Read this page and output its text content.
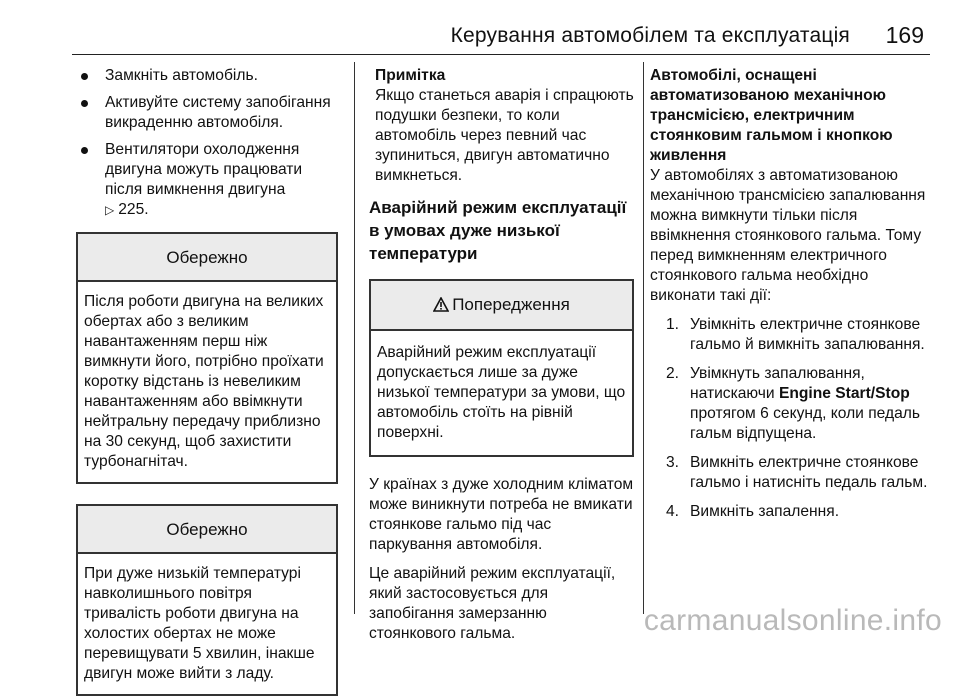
Керування автомобілем та експлуатація 169
Замкніть автомобіль.
Активуйте систему запобігання викраденню автомобіля.
Вентилятори охолодження двигуна можуть працювати після вимкнення двигуна
▷ 225.
Обережно
Після роботи двигуна на великих обертах або з великим навантаженням перш ніж вимкнути його, потрібно проїхати коротку відстань із невеликим навантаженням або ввімкнути нейтральну передачу приблизно на 30 секунд, щоб захистити турбонагнітач.
Обережно
При дуже низькій температурі навколишнього повітря тривалість роботи двигуна на холостих обертах не може перевищувати 5 хвилин, інакше двигун може вийти з ладу.
Примітка
Якщо станеться аварія і спрацюють подушки безпеки, то коли автомобіль через певний час зупиниться, двигун автоматично вимкнеться.
Аварійний режим експлуатації в умовах дуже низької температури
Попередження
Аварійний режим експлуатації допускається лише за дуже низької температури за умови, що автомобіль стоїть на рівній поверхні.

У країнах з дуже холодним кліматом може виникнути потреба не вмикати стоянкове гальмо під час паркування автомобіля.

Це аварійний режим експлуатації, який застосовується для запобігання замерзанню стоянкового гальма.

Автомобілі, оснащені автоматизованою механічною трансмісією, електричним стоянковим гальмом і кнопкою живлення

У автомобілях з автоматизованою механічною трансмісією запалювання можна вимкнути тільки після ввімкнення стоянкового гальма. Тому перед вимкненням електричного стоянкового гальма необхідно виконати такі дії:

1. Увімкніть електричне стоянкове гальмо й вимкніть запалювання.
2. Увімкнуть запалювання, натискаючи Engine Start/Stop протягом 6 секунд, коли педаль гальм відпущена.
3. Вимкніть електричне стоянкове гальмо і натисніть педаль гальм.
4. Вимкніть запалення.
carmanualsonline.info
